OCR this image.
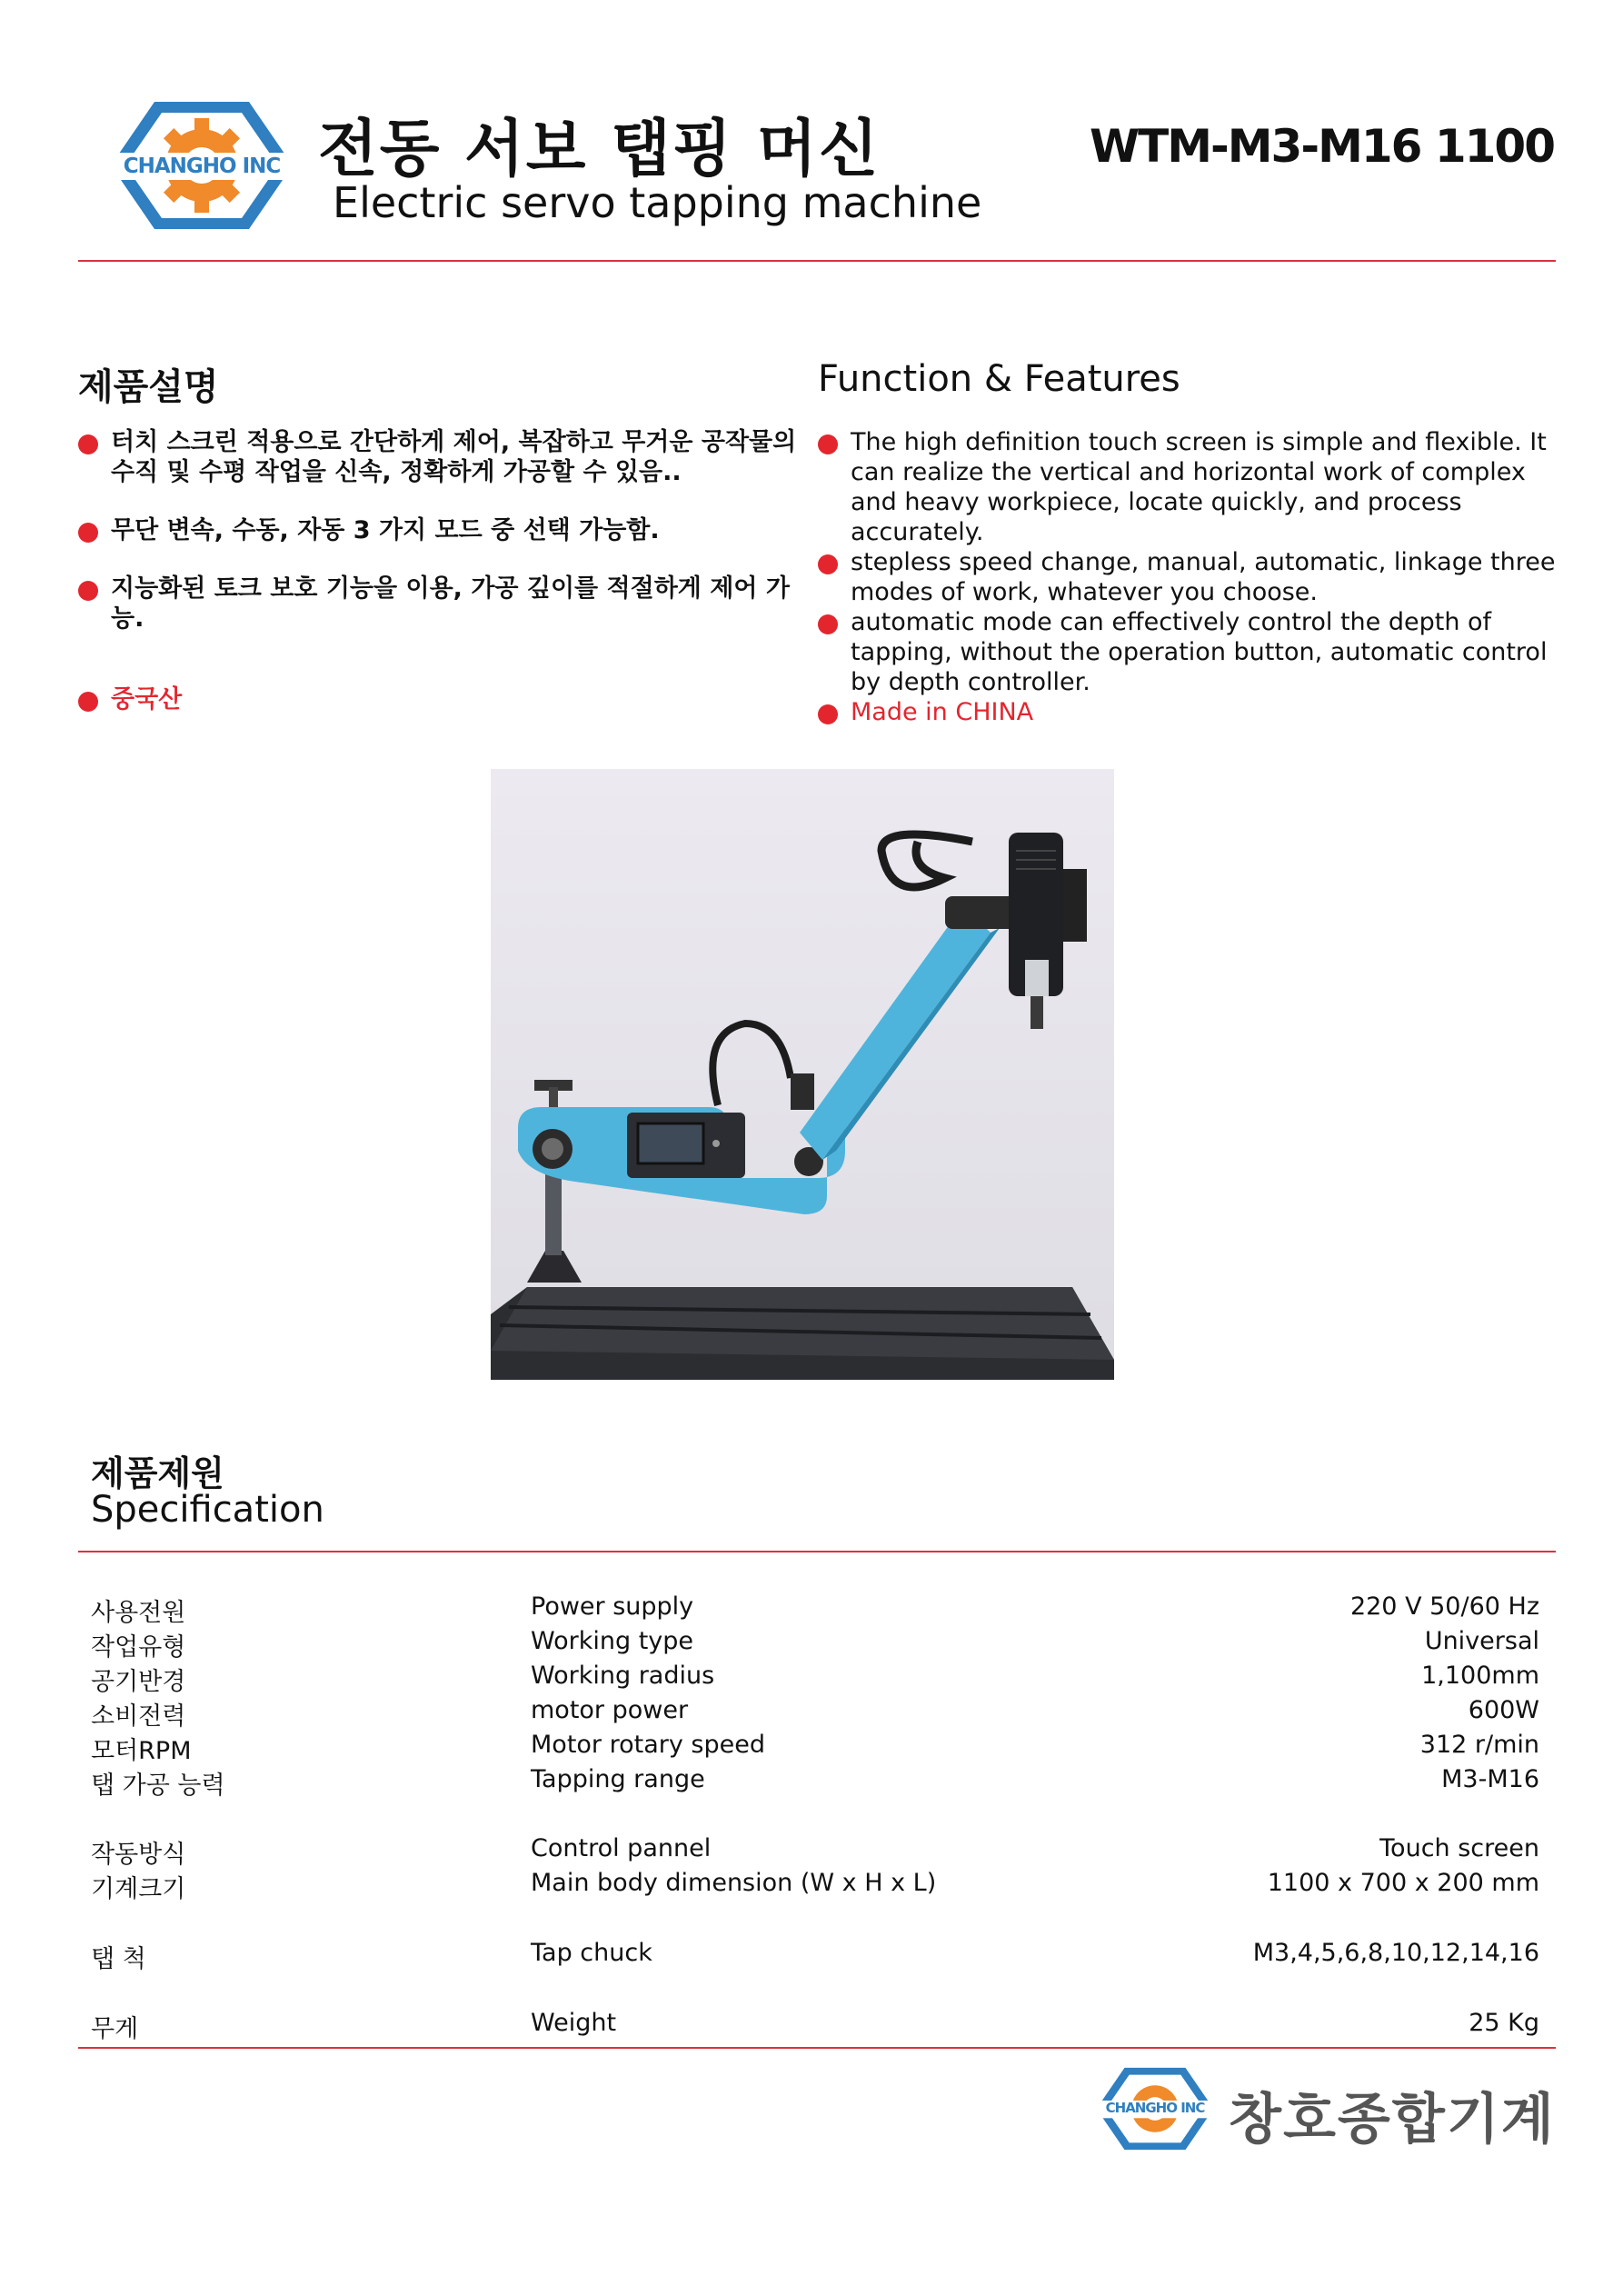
CHANGHO INC 전동 서보 탭핑 머신
Electric servo tapping machine
WTM-M3-M16 1100
제품설명	Function & Features
터치 스크린 적용으로 간단하게 제어, 복잡하고 무거운 공작물의 수직 및 수평 작업을 신속, 정확하게 가공할 수 있음..
무단 변속, 수동, 자동 3 가지 모드 중 선택 가능함.
지능화된 토크 보호 기능을 이용, 가공 깊이를 적절하게 제어 가능.
중국산
The high definition touch screen is simple and flexible. It can realize the vertical and horizontal work of complex and heavy workpiece, locate quickly, and process accurately.
stepless speed change, manual, automatic, linkage three modes of work, whatever you choose.
automatic mode can effectively control the depth of tapping, without the operation button, automatic control by depth controller.
Made in CHINA
제품제원
Specification
사용전원	Power supply	220 V 50/60 Hz
작업유형	Working type	Universal
공기반경	Working radius	1,100mm
소비전력	motor power	600W
모터RPM	Motor rotary speed	312 r/min
탭 가공 능력	Tapping range	M3-M16
작동방식	Control pannel	Touch screen
기계크기	Main body dimension (W x H x L)	1100 x 700 x 200 mm
탭 척	Tap chuck	M3,4,5,6,8,10,12,14,16
무게	Weight	25 Kg
CHANGHO INC 창호종합기계
